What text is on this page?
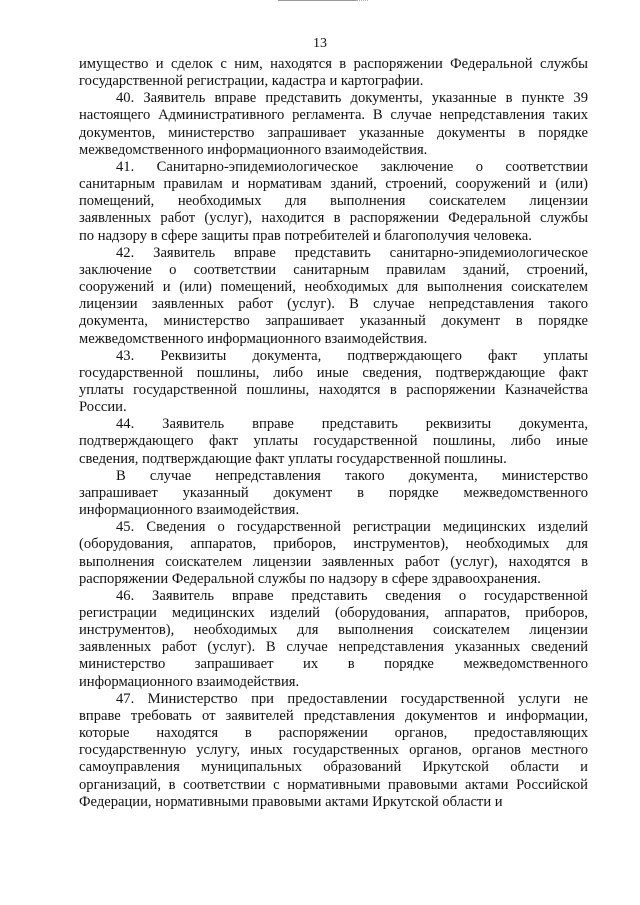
13
имущество и сделок с ним, находятся в распоряжении Федеральной службы
государственной регистрации, кадастра и картографии.
40. Заявитель вправе представить документы, указанные в пункте 39
настоящего Административного регламента. В случае непредставления таких
документов, министерство запрашивает указанные документы в порядке
межведомственного информационного взаимодействия.
41. Санитарно-эпидемиологическое заключение о соответствии
санитарным правилам и нормативам зданий, строений, сооружений и (или)
помещений, необходимых для выполнения соискателем лицензии
заявленных работ (услуг), находится в распоряжении Федеральной службы
по надзору в сфере защиты прав потребителей и благополучия человека.
42. Заявитель вправе представить санитарно-эпидемиологическое
заключение о соответствии санитарным правилам зданий, строений,
сооружений и (или) помещений, необходимых для выполнения соискателем
лицензии заявленных работ (услуг). В случае непредставления такого
документа, министерство запрашивает указанный документ в порядке
межведомственного информационного взаимодействия.
43. Реквизиты документа, подтверждающего факт уплаты
государственной пошлины, либо иные сведения, подтверждающие факт
уплаты государственной пошлины, находятся в распоряжении Казначейства
России.
44. Заявитель вправе представить реквизиты документа,
подтверждающего факт уплаты государственной пошлины, либо иные
сведения, подтверждающие факт уплаты государственной пошлины.
В случае непредставления такого документа, министерство
запрашивает указанный документ в порядке межведомственного
информационного взаимодействия.
45. Сведения о государственной регистрации медицинских изделий
(оборудования, аппаратов, приборов, инструментов), необходимых для
выполнения соискателем лицензии заявленных работ (услуг), находятся в
распоряжении Федеральной службы по надзору в сфере здравоохранения.
46. Заявитель вправе представить сведения о государственной
регистрации медицинских изделий (оборудования, аппаратов, приборов,
инструментов), необходимых для выполнения соискателем лицензии
заявленных работ (услуг). В случае непредставления указанных сведений
министерство запрашивает их в порядке межведомственного
информационного взаимодействия.
47. Министерство при предоставлении государственной услуги не
вправе требовать от заявителей представления документов и информации,
которые находятся в распоряжении органов, предоставляющих
государственную услугу, иных государственных органов, органов местного
самоуправления муниципальных образований Иркутской области и
организаций, в соответствии с нормативными правовыми актами Российской
Федерации, нормативными правовыми актами Иркутской области и
